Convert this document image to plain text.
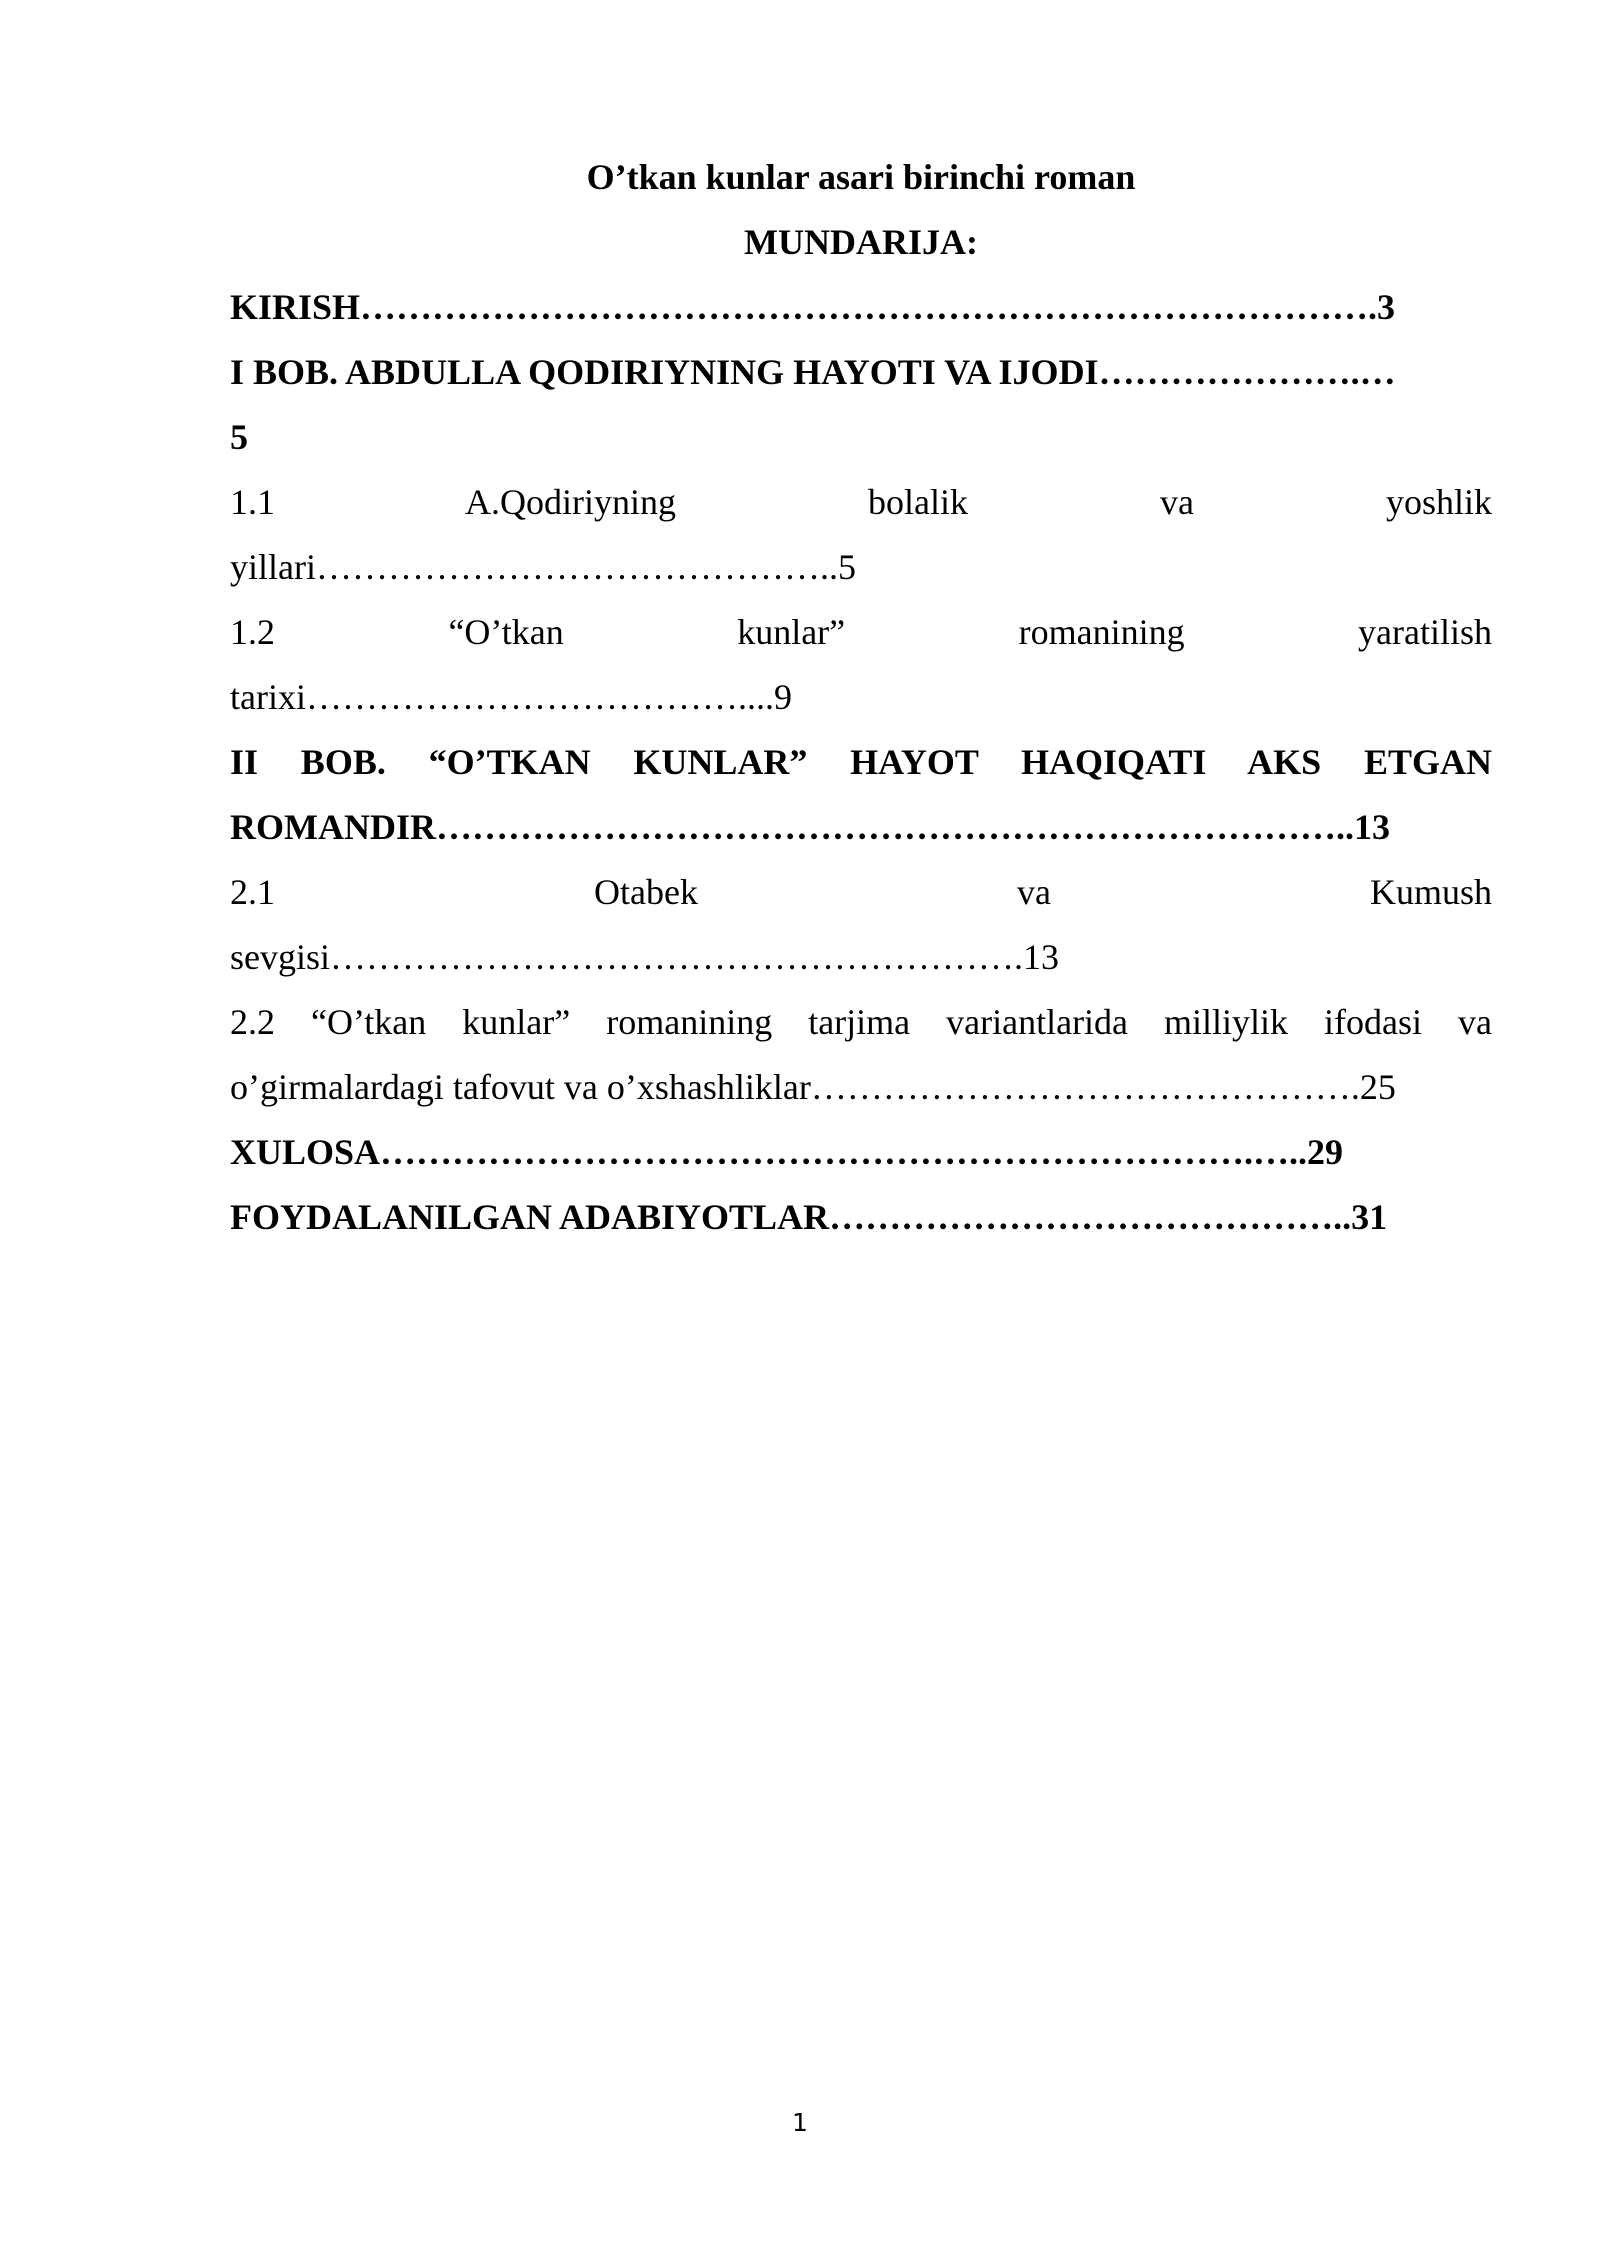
O’tkan kunlar asari birinchi roman

MUNDARIJA:

KIRISH………………………………………………………………………….3
I BOB. ABDULLA QODIRIYNING HAYOTI VA IJODI………………….…
5
1.1 A.Qodiriyning bolalik va yoshlik
yillari……………………………………..5
1.2 “O’tkan kunlar” romanining yaratilish
tarixi………………………………....9
II BOB. “O’TKAN KUNLAR” HAYOT HAQIQATI AKS ETGAN
ROMANDIR…………………………………………………………………..13
2.1 Otabek va Kumush
sevgisi………………………………………………….13
2.2 “O’tkan kunlar” romanining tarjima variantlarida milliylik ifodasi va
o’girmalardagi tafovut va o’xshashliklar……………………………………….25
XULOSA……………………………………………………………….…..29
FOYDALANILGAN ADABIYOTLAR……………………………………..31
1
